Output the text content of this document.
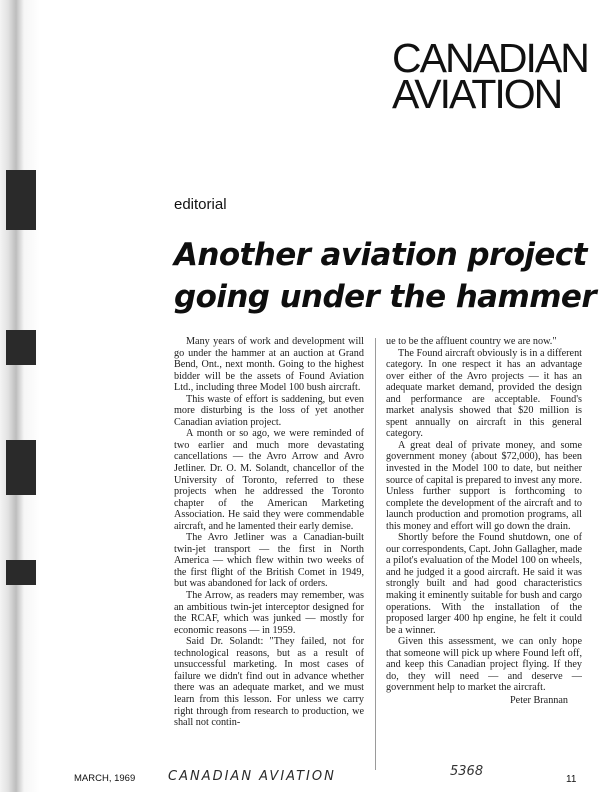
CANADIAN
AVIATION
editorial
Another aviation project
going under the hammer

Many years of work and development will go under the hammer at an auction at Grand Bend, Ont., next month. Going to the highest bidder will be the assets of Found Aviation Ltd., including three Model 100 bush aircraft.

This waste of effort is saddening, but even more disturbing is the loss of yet another Canadian aviation project.

A month or so ago, we were reminded of two earlier and much more devastating cancellations — the Avro Arrow and Avro Jetliner. Dr. O. M. Solandt, chancellor of the University of Toronto, referred to these projects when he addressed the Toronto chapter of the American Marketing Association. He said they were commendable aircraft, and he lamented their early demise.

The Avro Jetliner was a Canadian-built twin-jet transport — the first in North America — which flew within two weeks of the first flight of the British Comet in 1949, but was abandoned for lack of orders.

The Arrow, as readers may remember, was an ambitious twin-jet interceptor designed for the RCAF, which was junked — mostly for economic reasons — in 1959.

Said Dr. Solandt: "They failed, not for technological reasons, but as a result of unsuccessful marketing. In most cases of failure we didn't find out in advance whether there was an adequate market, and we must learn from this lesson. For unless we carry right through from research to production, we shall not contin-

ue to be the affluent country we are now."

The Found aircraft obviously is in a different category. In one respect it has an advantage over either of the Avro projects — it has an adequate market demand, provided the design and performance are acceptable. Found's market analysis showed that $20 million is spent annually on aircraft in this general category.

A great deal of private money, and some government money (about $72,000), has been invested in the Model 100 to date, but neither source of capital is prepared to invest any more. Unless further support is forthcoming to complete the development of the aircraft and to launch production and promotion programs, all this money and effort will go down the drain.

Shortly before the Found shutdown, one of our correspondents, Capt. John Gallagher, made a pilot's evaluation of the Model 100 on wheels, and he judged it a good aircraft. He said it was strongly built and had good characteristics making it eminently suitable for bush and cargo operations. With the installation of the proposed larger 400 hp engine, he felt it could be a winner.

Given this assessment, we can only hope that someone will pick up where Found left off, and keep this Canadian project flying. If they do, they will need — and deserve — government help to market the aircraft.

Peter Brannan
MARCH, 1969	CANADIAN AVIATION	5368
11
